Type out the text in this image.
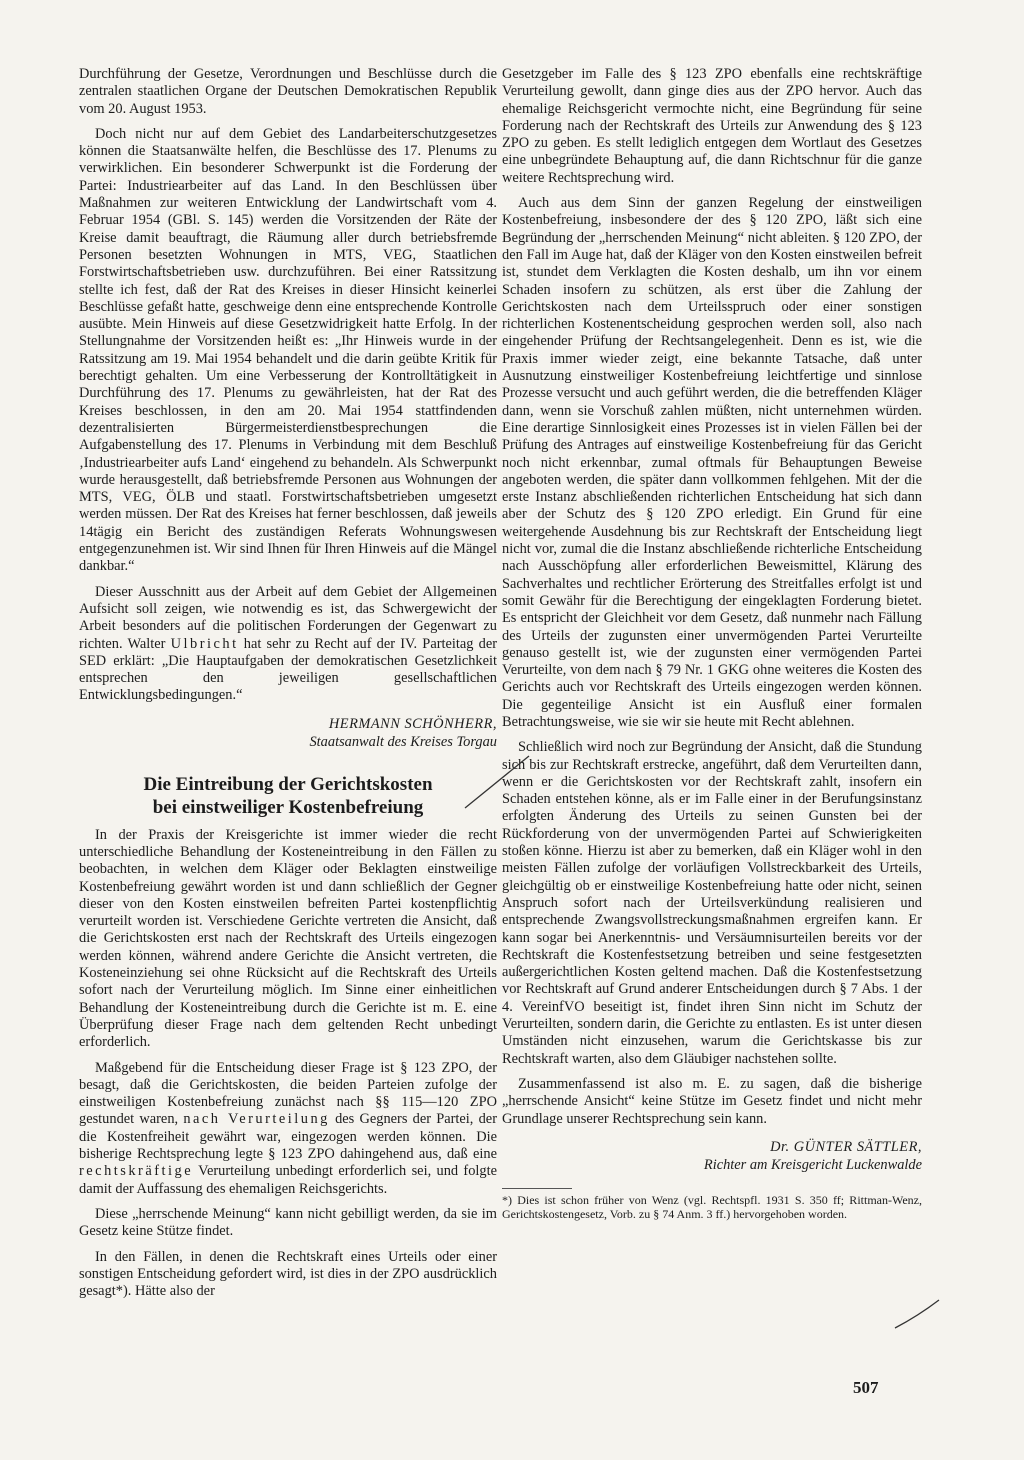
Durchführung der Gesetze, Verordnungen und Beschlüsse durch die zentralen staatlichen Organe der Deutschen Demokratischen Republik vom 20. August 1953.

Doch nicht nur auf dem Gebiet des Landarbeiterschutzgesetzes können die Staatsanwälte helfen, die Beschlüsse des 17. Plenums zu verwirklichen. Ein besonderer Schwerpunkt ist die Forderung der Partei: Industriearbeiter auf das Land. In den Beschlüssen über Maßnahmen zur weiteren Entwicklung der Landwirtschaft vom 4. Februar 1954 (GBl. S. 145) werden die Vorsitzenden der Räte der Kreise damit beauftragt, die Räumung aller durch betriebsfremde Personen besetzten Wohnungen in MTS, VEG, Staatlichen Forstwirtschaftsbetrieben usw. durchzuführen. Bei einer Ratssitzung stellte ich fest, daß der Rat des Kreises in dieser Hinsicht keinerlei Beschlüsse gefaßt hatte, geschweige denn eine entsprechende Kontrolle ausübte. Mein Hinweis auf diese Gesetzwidrigkeit hatte Erfolg. In der Stellungnahme der Vorsitzenden heißt es: „Ihr Hinweis wurde in der Ratssitzung am 19. Mai 1954 behandelt und die darin geübte Kritik für berechtigt gehalten. Um eine Verbesserung der Kontrolltätigkeit in Durchführung des 17. Plenums zu gewährleisten, hat der Rat des Kreises beschlossen, in den am 20. Mai 1954 stattfindenden dezentralisierten Bürgermeisterdienstbesprechungen die Aufgabenstellung des 17. Plenums in Verbindung mit dem Beschluß ‚Industriearbeiter aufs Land‘ eingehend zu behandeln. Als Schwerpunkt wurde herausgestellt, daß betriebsfremde Personen aus Wohnungen der MTS, VEG, ÖLB und staatl. Forstwirtschaftsbetrieben umgesetzt werden müssen. Der Rat des Kreises hat ferner beschlossen, daß jeweils 14tägig ein Bericht des zuständigen Referats Wohnungswesen entgegenzunehmen ist. Wir sind Ihnen für Ihren Hinweis auf die Mängel dankbar.“

Dieser Ausschnitt aus der Arbeit auf dem Gebiet der Allgemeinen Aufsicht soll zeigen, wie notwendig es ist, das Schwergewicht der Arbeit besonders auf die politischen Forderungen der Gegenwart zu richten. Walter Ulbricht hat sehr zu Recht auf der IV. Parteitag der SED erklärt: „Die Hauptaufgaben der demokratischen Gesetzlichkeit entsprechen den jeweiligen gesellschaftlichen Entwicklungsbedingungen.“

HERMANN SCHÖNHERR,
Staatsanwalt des Kreises Torgau
Die Eintreibung der Gerichtskosten
bei einstweiliger Kostenbefreiung

In der Praxis der Kreisgerichte ist immer wieder die recht unterschiedliche Behandlung der Kosteneintreibung in den Fällen zu beobachten, in welchen dem Kläger oder Beklagten einstweilige Kostenbefreiung gewährt worden ist und dann schließlich der Gegner dieser von den Kosten einstweilen befreiten Partei kostenpflichtig verurteilt worden ist. Verschiedene Gerichte vertreten die Ansicht, daß die Gerichtskosten erst nach der Rechtskraft des Urteils eingezogen werden können, während andere Gerichte die Ansicht vertreten, die Kosteneinziehung sei ohne Rücksicht auf die Rechtskraft des Urteils sofort nach der Verurteilung möglich. Im Sinne einer einheitlichen Behandlung der Kosteneintreibung durch die Gerichte ist m. E. eine Überprüfung dieser Frage nach dem geltenden Recht unbedingt erforderlich.

Maßgebend für die Entscheidung dieser Frage ist § 123 ZPO, der besagt, daß die Gerichtskosten, die beiden Parteien zufolge der einstweiligen Kostenbefreiung zunächst nach §§ 115—120 ZPO gestundet waren, nach Verurteilung des Gegners der Partei, der die Kostenfreiheit gewährt war, eingezogen werden können. Die bisherige Rechtsprechung legte § 123 ZPO dahingehend aus, daß eine rechtskräftige Verurteilung unbedingt erforderlich sei, und folgte damit der Auffassung des ehemaligen Reichsgerichts.

Diese „herrschende Meinung“ kann nicht gebilligt werden, da sie im Gesetz keine Stütze findet.

In den Fällen, in denen die Rechtskraft eines Urteils oder einer sonstigen Entscheidung gefordert wird, ist dies in der ZPO ausdrücklich gesagt*). Hätte also der

Gesetzgeber im Falle des § 123 ZPO ebenfalls eine rechtskräftige Verurteilung gewollt, dann ginge dies aus der ZPO hervor. Auch das ehemalige Reichsgericht vermochte nicht, eine Begründung für seine Forderung nach der Rechtskraft des Urteils zur Anwendung des § 123 ZPO zu geben. Es stellt lediglich entgegen dem Wortlaut des Gesetzes eine unbegründete Behauptung auf, die dann Richtschnur für die ganze weitere Rechtsprechung wird.

Auch aus dem Sinn der ganzen Regelung der einstweiligen Kostenbefreiung, insbesondere der des § 120 ZPO, läßt sich eine Begründung der „herrschenden Meinung“ nicht ableiten. § 120 ZPO, der den Fall im Auge hat, daß der Kläger von den Kosten einstweilen befreit ist, stundet dem Verklagten die Kosten deshalb, um ihn vor einem Schaden insofern zu schützen, als erst über die Zahlung der Gerichtskosten nach dem Urteilsspruch oder einer sonstigen richterlichen Kostenentscheidung gesprochen werden soll, also nach eingehender Prüfung der Rechtsangelegenheit. Denn es ist, wie die Praxis immer wieder zeigt, eine bekannte Tatsache, daß unter Ausnutzung einstweiliger Kostenbefreiung leichtfertige und sinnlose Prozesse versucht und auch geführt werden, die die betreffenden Kläger dann, wenn sie Vorschuß zahlen müßten, nicht unternehmen würden. Eine derartige Sinnlosigkeit eines Prozesses ist in vielen Fällen bei der Prüfung des Antrages auf einstweilige Kostenbefreiung für das Gericht noch nicht erkennbar, zumal oftmals für Behauptungen Beweise angeboten werden, die später dann vollkommen fehlgehen. Mit der die erste Instanz abschließenden richterlichen Entscheidung hat sich dann aber der Schutz des § 120 ZPO erledigt. Ein Grund für eine weitergehende Ausdehnung bis zur Rechtskraft der Entscheidung liegt nicht vor, zumal die die Instanz abschließende richterliche Entscheidung nach Ausschöpfung aller erforderlichen Beweismittel, Klärung des Sachverhaltes und rechtlicher Erörterung des Streitfalles erfolgt ist und somit Gewähr für die Berechtigung der eingeklagten Forderung bietet. Es entspricht der Gleichheit vor dem Gesetz, daß nunmehr nach Fällung des Urteils der zugunsten einer unvermögenden Partei Verurteilte genauso gestellt ist, wie der zugunsten einer vermögenden Partei Verurteilte, von dem nach § 79 Nr. 1 GKG ohne weiteres die Kosten des Gerichts auch vor Rechtskraft des Urteils eingezogen werden können. Die gegenteilige Ansicht ist ein Ausfluß einer formalen Betrachtungsweise, wie sie wir sie heute mit Recht ablehnen.

Schließlich wird noch zur Begründung der Ansicht, daß die Stundung sich bis zur Rechtskraft erstrecke, angeführt, daß dem Verurteilten dann, wenn er die Gerichtskosten vor der Rechtskraft zahlt, insofern ein Schaden entstehen könne, als er im Falle einer in der Berufungsinstanz erfolgten Änderung des Urteils zu seinen Gunsten bei der Rückforderung von der unvermögenden Partei auf Schwierigkeiten stoßen könne. Hierzu ist aber zu bemerken, daß ein Kläger wohl in den meisten Fällen zufolge der vorläufigen Vollstreckbarkeit des Urteils, gleichgültig ob er einstweilige Kostenbefreiung hatte oder nicht, seinen Anspruch sofort nach der Urteilsverkündung realisieren und entsprechende Zwangsvollstreckungsmaßnahmen ergreifen kann. Er kann sogar bei Anerkenntnis- und Versäumnisurteilen bereits vor der Rechtskraft die Kostenfestsetzung betreiben und seine festgesetzten außergerichtlichen Kosten geltend machen. Daß die Kostenfestsetzung vor Rechtskraft auf Grund anderer Entscheidungen durch § 7 Abs. 1 der 4. VereinfVO beseitigt ist, findet ihren Sinn nicht im Schutz der Verurteilten, sondern darin, die Gerichte zu entlasten. Es ist unter diesen Umständen nicht einzusehen, warum die Gerichtskasse bis zur Rechtskraft warten, also dem Gläubiger nachstehen sollte.

Zusammenfassend ist also m. E. zu sagen, daß die bisherige „herrschende Ansicht“ keine Stütze im Gesetz findet und nicht mehr Grundlage unserer Rechtsprechung sein kann.

Dr. GÜNTER SÄTTLER,
Richter am Kreisgericht Luckenwalde

*) Dies ist schon früher von Wenz (vgl. Rechtspfl. 1931 S. 350 ff; Rittman-Wenz, Gerichtskostengesetz, Vorb. zu § 74 Anm. 3 ff.) hervorgehoben worden.

507
